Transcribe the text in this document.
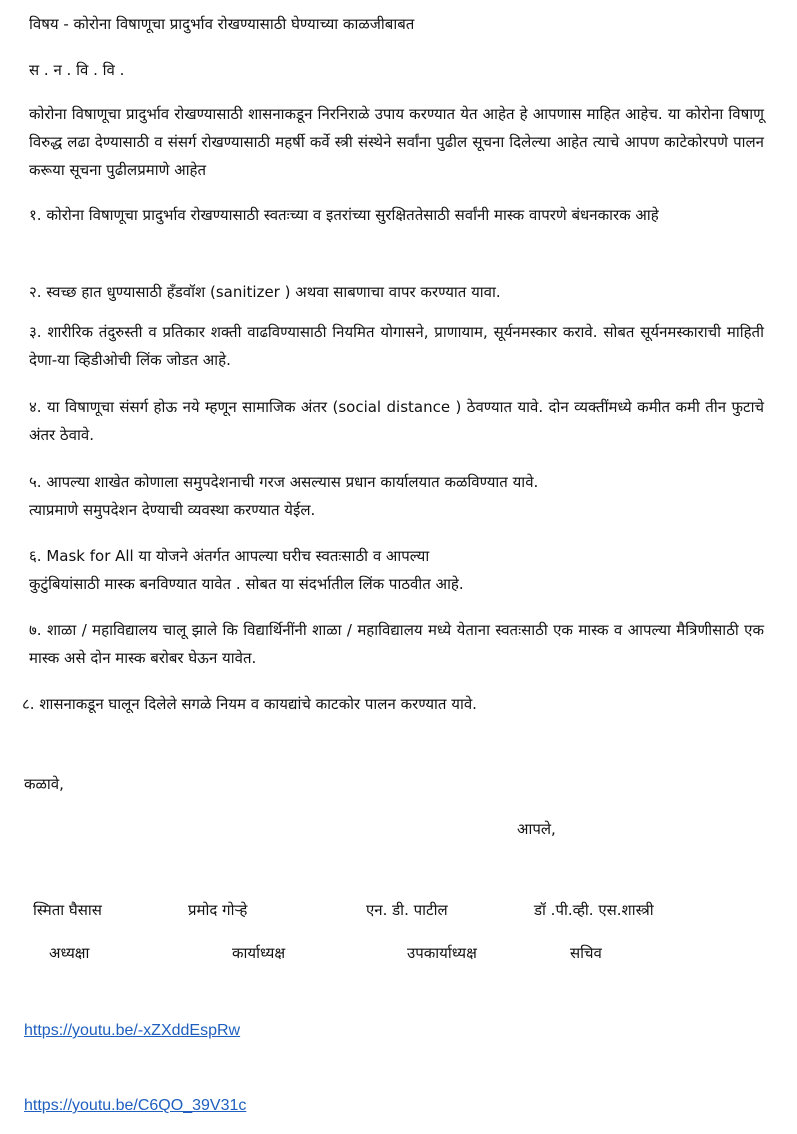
विषय - कोरोना विषाणूचा प्रादुर्भाव रोखण्यासाठी घेण्याच्या काळजीबाबत

स . न . वि . वि .

कोरोना विषाणूचा प्रादुर्भाव रोखण्यासाठी शासनाकडून निरनिराळे उपाय करण्यात येत आहेत हे आपणास माहित आहेच. या कोरोना विषाणू विरुद्ध लढा देण्यासाठी व संसर्ग रोखण्यासाठी महर्षी कर्वे स्त्री संस्थेने सर्वांना पुढील सूचना दिलेल्या आहेत त्याचे आपण काटेकोरपणे पालन करूया सूचना पुढीलप्रमाणे आहेत

१. कोरोना विषाणूचा प्रादुर्भाव रोखण्यासाठी स्वतःच्या व इतरांच्या सुरक्षिततेसाठी सर्वांनी मास्क वापरणे बंधनकारक आहे

२. स्वच्छ हात धुण्यासाठी हँडवॉश (sanitizer ) अथवा साबणाचा वापर करण्यात यावा.

३. शारीरिक तंदुरुस्ती व प्रतिकार शक्ती वाढविण्यासाठी नियमित योगासने, प्राणायाम, सूर्यनमस्कार करावे. सोबत सूर्यनमस्काराची माहिती देणा-या व्हिडीओची लिंक जोडत आहे.

४. या विषाणूचा संसर्ग होऊ नये म्हणून सामाजिक अंतर (social distance ) ठेवण्यात यावे. दोन व्यक्तींमध्ये कमीत कमी तीन फुटाचे अंतर ठेवावे.

५. आपल्या शाखेत कोणाला समुपदेशनाची गरज असल्यास प्रधान कार्यालयात कळविण्यात यावे.
त्याप्रमाणे समुपदेशन देण्याची व्यवस्था करण्यात येईल.

६. Mask for All या योजने अंतर्गत आपल्या घरीच स्वतःसाठी व आपल्या
कुटुंबियांसाठी मास्क बनविण्यात यावेत . सोबत या संदर्भातील लिंक पाठवीत आहे.

७. शाळा / महाविद्यालय चालू झाले कि विद्यार्थिनींनी शाळा / महाविद्यालय मध्ये येताना स्वतःसाठी एक मास्क व आपल्या मैत्रिणीसाठी एक मास्क असे दोन मास्क बरोबर घेऊन यावेत.

८. शासनाकडून घालून दिलेले सगळे नियम व कायद्यांचे काटकोर पालन करण्यात यावे.

कळावे,

आपले,

स्मिता घैसास	प्रमोद गोऱ्हे	एन. डी. पाटील	डॉ .पी.व्ही. एस.शास्त्री
अध्यक्षा	कार्याध्यक्ष	उपकार्याध्यक्ष	सचिव
https://youtu.be/-xZXddEspRw
https://youtu.be/C6QO_39V31c
